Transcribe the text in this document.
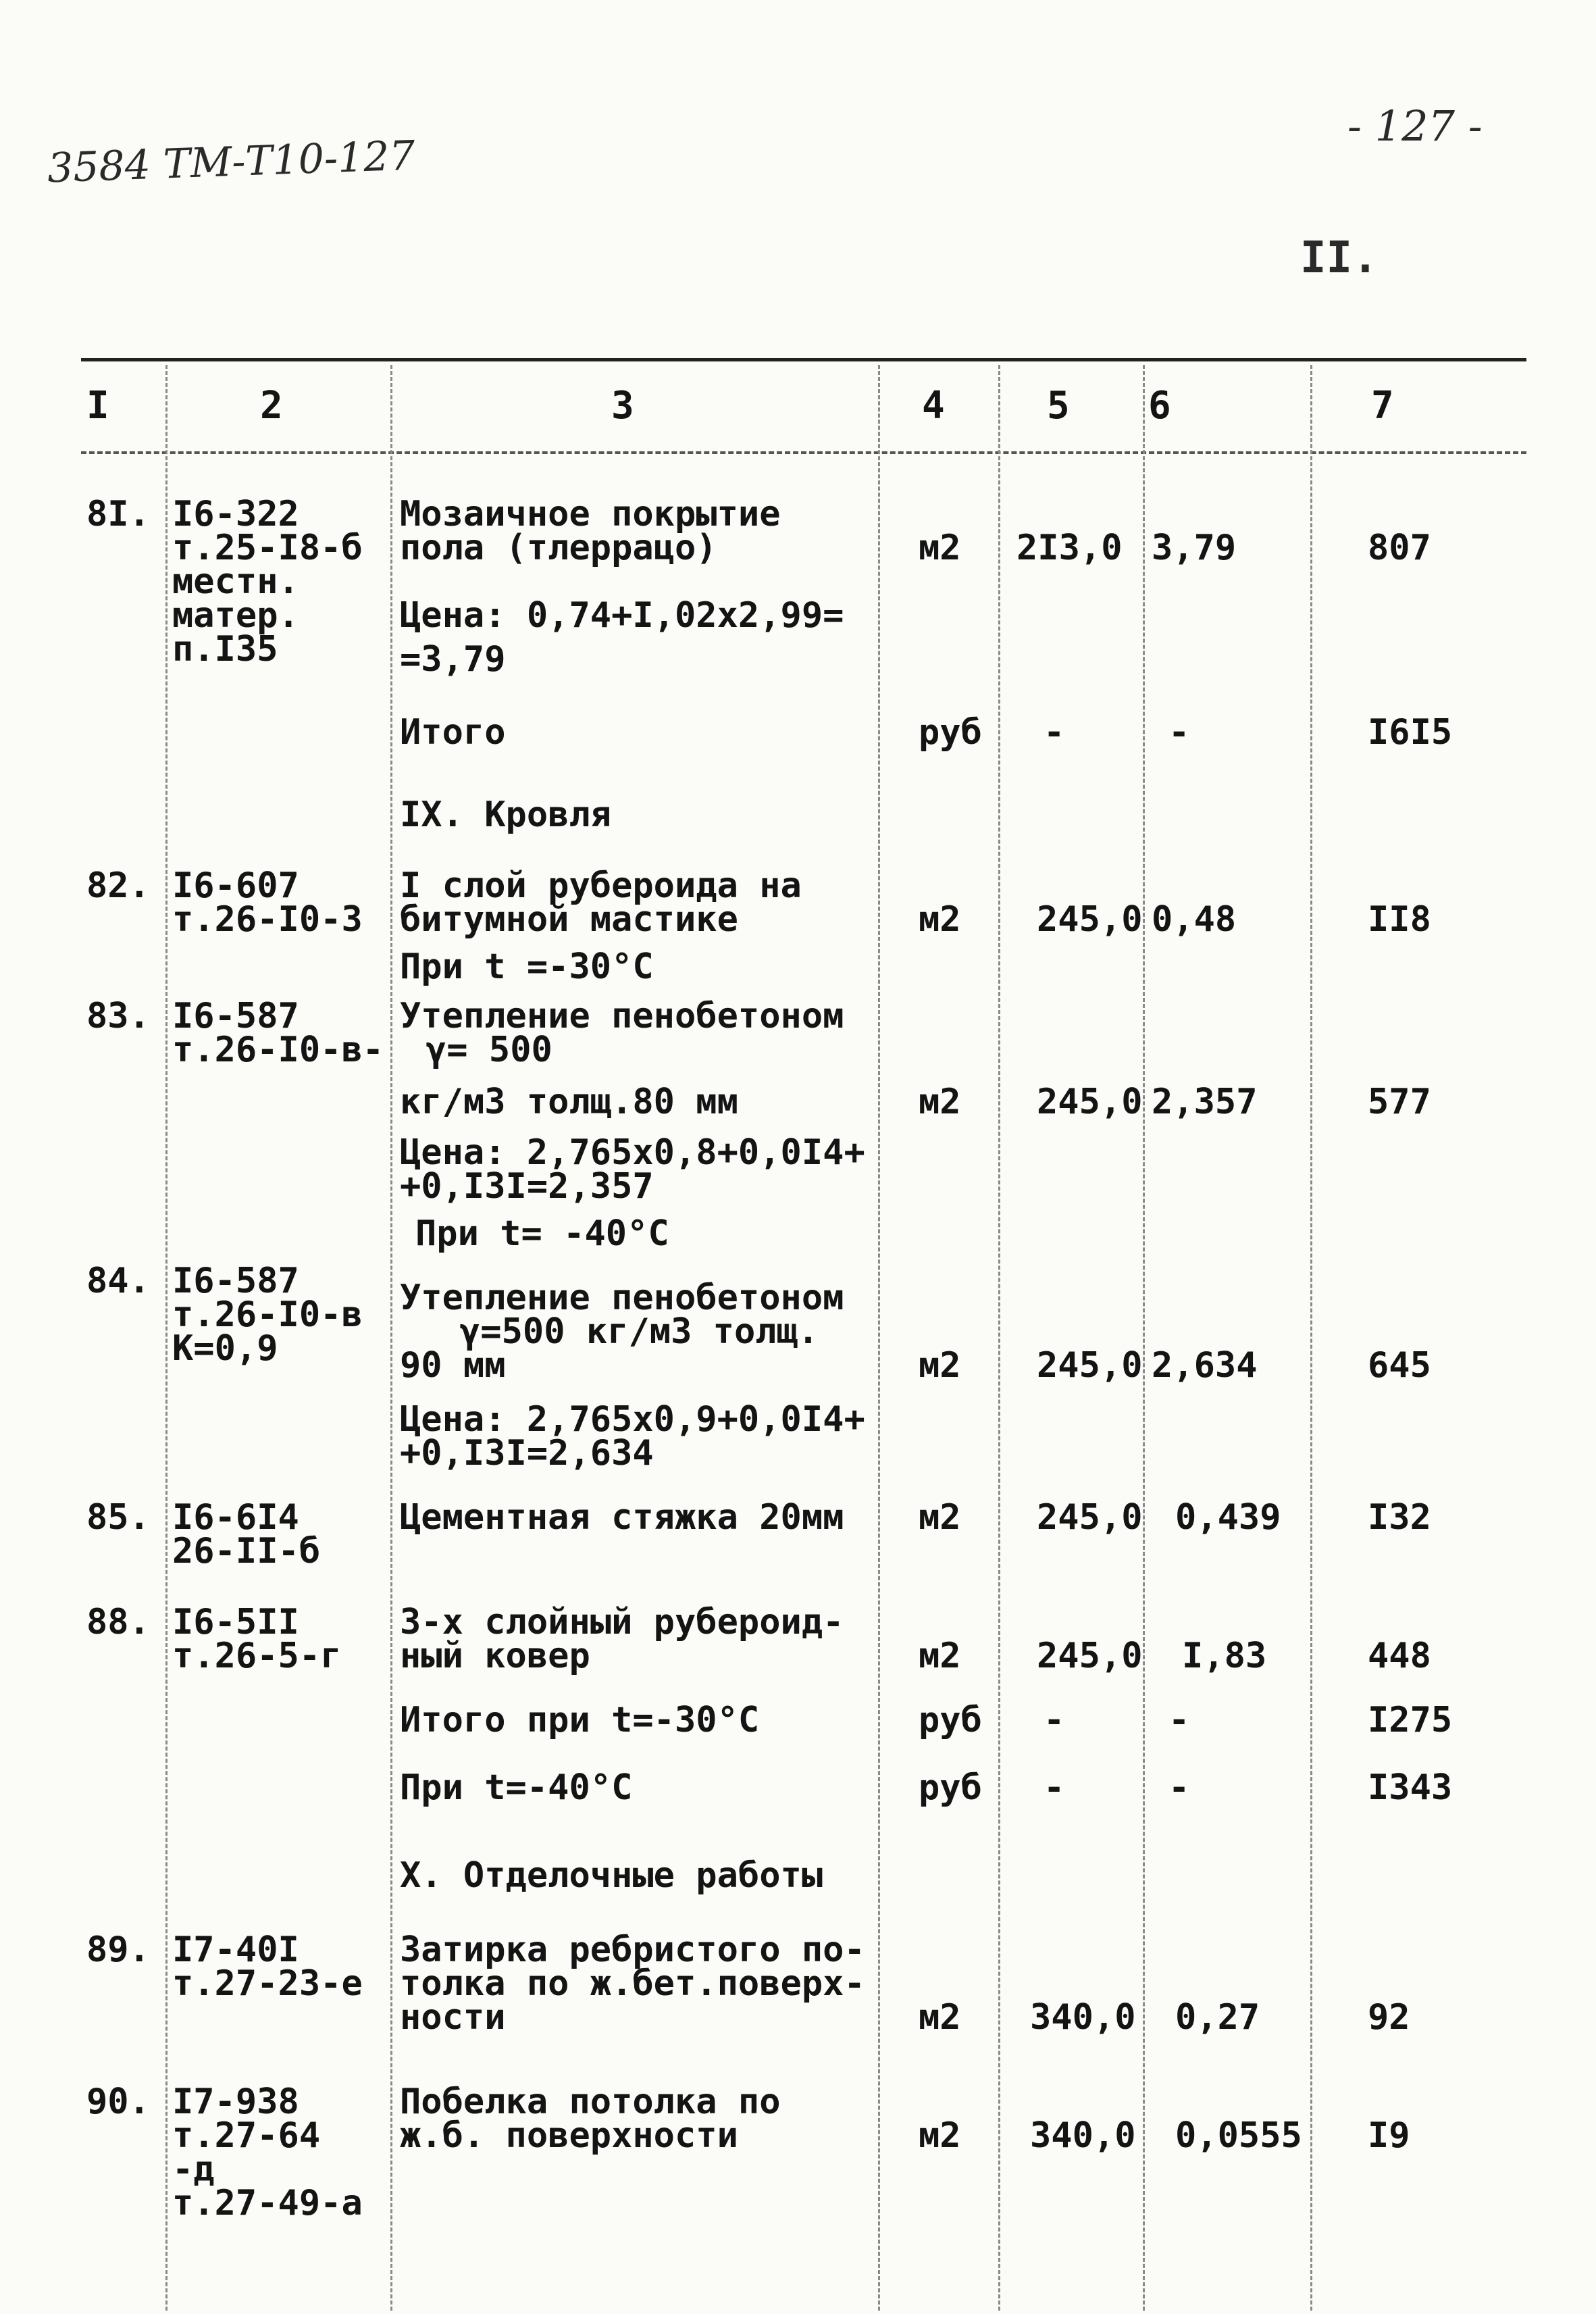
3584 ТМ-Т10-127
- 127 -
II.
I	2	3	4	5 6	7
8I. I6-322
т.25-I8-б
местн.
матер.
п.I35
Мозаичное покрытие
пола (тлеррацо)	м2 2I3,0 3,79	807
Цена: 0,74+I,02х2,99=
=3,79
Итого	руб -	-	I6I5
IX. Кровля
82. I6-607
т.26-I0-3
I слой рубероида на
битумной мастике	м2 245,0 0,48	II8
При t =-30°С
83. I6-587
т.26-I0-в-
Утепление пенобетоном
γ= 500
кг/м3 толщ.80 мм	м2 245,0 2,357	577
Цена: 2,765х0,8+0,0I4+
+0,I3I=2,357
При t= -40°С
84. I6-587
т.26-I0-в
К=0,9
Утепление пенобетоном
γ=500 кг/м3 толщ.
90 мм	м2 245,0 2,634	645
Цена: 2,765х0,9+0,0I4+
+0,I3I=2,634
85. I6-6I4
26-II-б
Цементная стяжка 20мм м2 245,0 0,439 I32
88. I6-5II
т.26-5-г
3-х слойный рубероид-
ный ковер	м2 245,0 I,83	448
Итого при t=-30°С	руб -	-	I275
При t=-40°С	руб -	-	I343
X. Отделочные работы
89. I7-40I
т.27-23-е
Затирка ребристого по-
толка по ж.бет.поверх-
ности	м2 340,0 0,27	92
90. I7-938
т.27-64
-д
т.27-49-а
Побелка потолка по
ж.б. поверхности	м2 340,0 0,0555 I9
